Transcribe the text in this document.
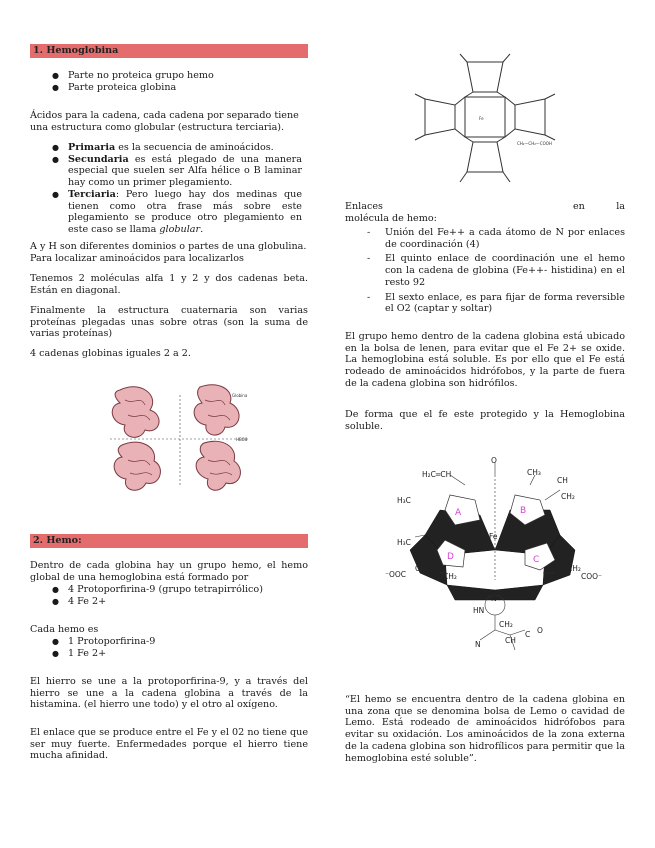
1. Hemoglobina
● Parte no proteica grupo hemo
● Parte proteica globina

Ácidos para la cadena, cada cadena por separado tiene una estructura como globular (estructura terciaria).

● Primaria es la secuencia de aminoácidos.
● Secundaria es está plegado de una manera especial que suelen ser Alfa hélice o B laminar hay como un primer plegamiento.
● Terciaria: Pero luego hay dos medinas que tienen como otra frase más sobre este plegamiento se produce otro plegamiento en este caso se llama globular.

A y H son diferentes dominios o partes de una globulina. Para localizar aminoácidos para localizarlos

Tenemos 2 moléculas alfa 1 y 2 y dos cadenas beta. Están en diagonal.

Finalmente la estructura cuaternaria son varias proteínas plegadas unas sobre otras (son la suma de varias proteínas)

4 cadenas globinas iguales 2 a 2.

Globina
HBO8
2. Hemo:

Dentro de cada globina hay un grupo hemo, el hemo global de una hemoglobina está formado por

● 4 Protoporfirina-9 (grupo tetrapirrólico)
● 4 Fe 2+

Cada hemo es

● 1 Protoporfirina-9
● 1 Fe 2+

El hierro se une a la protoporfirina-9, y a través del hierro se une a la cadena globina a través de la histamina. (el hierro une todo) y el otro al oxígeno.

El enlace que se produce entre el Fe y el 02 no tiene que ser muy fuerte. Enfermedades porque el hierro tiene mucha afinidad.

Fe
CH₂—CH₂—COOH
Enlaces	en	la

molécula de hemo:

- Unión del Fe++ a cada átomo de N por enlaces de coordinación (4)
- El quinto enlace de coordinación une el hemo con la cadena de globina (Fe++- histidina) en el resto 92
- El sexto enlace, es para fijar de forma reversible el O2 (captar y soltar)

El grupo hemo dentro de la cadena globina está ubicado en la bolsa de lenen, para evitar que el Fe 2+ se oxide. La hemoglobina está soluble. Es por ello que el Fe está rodeado de aminoácidos hidrófobos, y la parte de fuera de la cadena globina son hidrófilos.

De forma que el fe este protegido y la Hemoglobina soluble.

A	B
C
D
H₂C═CH	CH₃
CH
CH₂
H₃C
H₃C
Fe
⁻OOC
CH₂
CH₂	CH₂
CH₂
COO⁻
HN
N
CH₂
CH
C O
O
N

“El hemo se encuentra dentro de la cadena globina en una zona que se denomina bolsa de Lemo o cavidad de Lemo. Está rodeado de aminoácidos hidrófobos para evitar su oxidación. Los aminoácidos de la zona externa de la cadena globina son hidrofílicos para permitir que la hemoglobina esté soluble”.
